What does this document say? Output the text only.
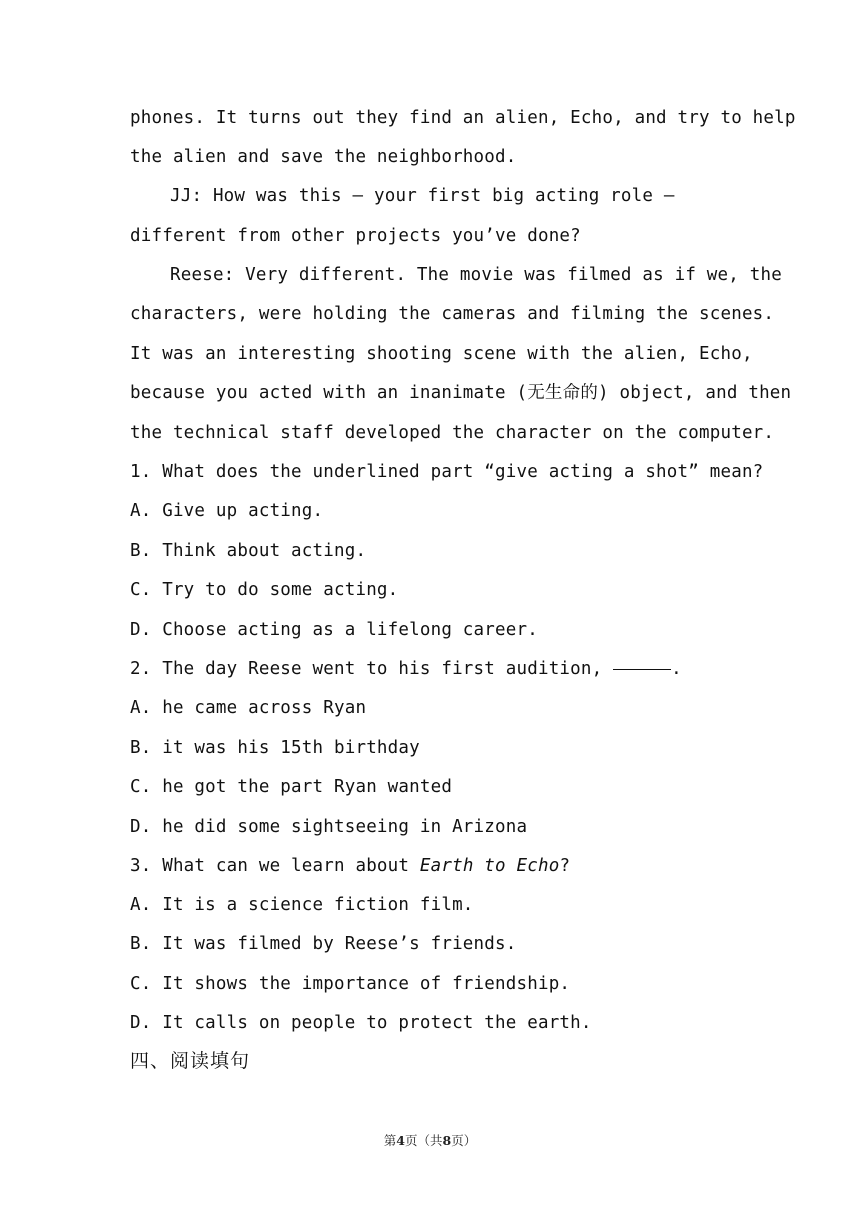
phones. It turns out they find an alien, Echo, and try to help
the alien and save the neighborhood.
JJ: How was this — your first big acting role —
different from other projects you’ve done?
Reese: Very different. The movie was filmed as if we, the
characters, were holding the cameras and filming the scenes.
It was an interesting shooting scene with the alien, Echo,
because you acted with an inanimate (无生命的) object, and then
the technical staff developed the character on the computer.
1. What does the underlined part “give acting a shot” mean?
A. Give up acting.
B. Think about acting.
C. Try to do some acting.
D. Choose acting as a lifelong career.
2. The day Reese went to his first audition,	.
A. he came across Ryan
B. it was his 15th birthday
C. he got the part Ryan wanted
D. he did some sightseeing in Arizona
3. What can we learn about Earth to Echo?
A. It is a science fiction film.
B. It was filmed by Reese’s friends.
C. It shows the importance of friendship.
D. It calls on people to protect the earth.
四、阅读填句
第4页（共8页）
